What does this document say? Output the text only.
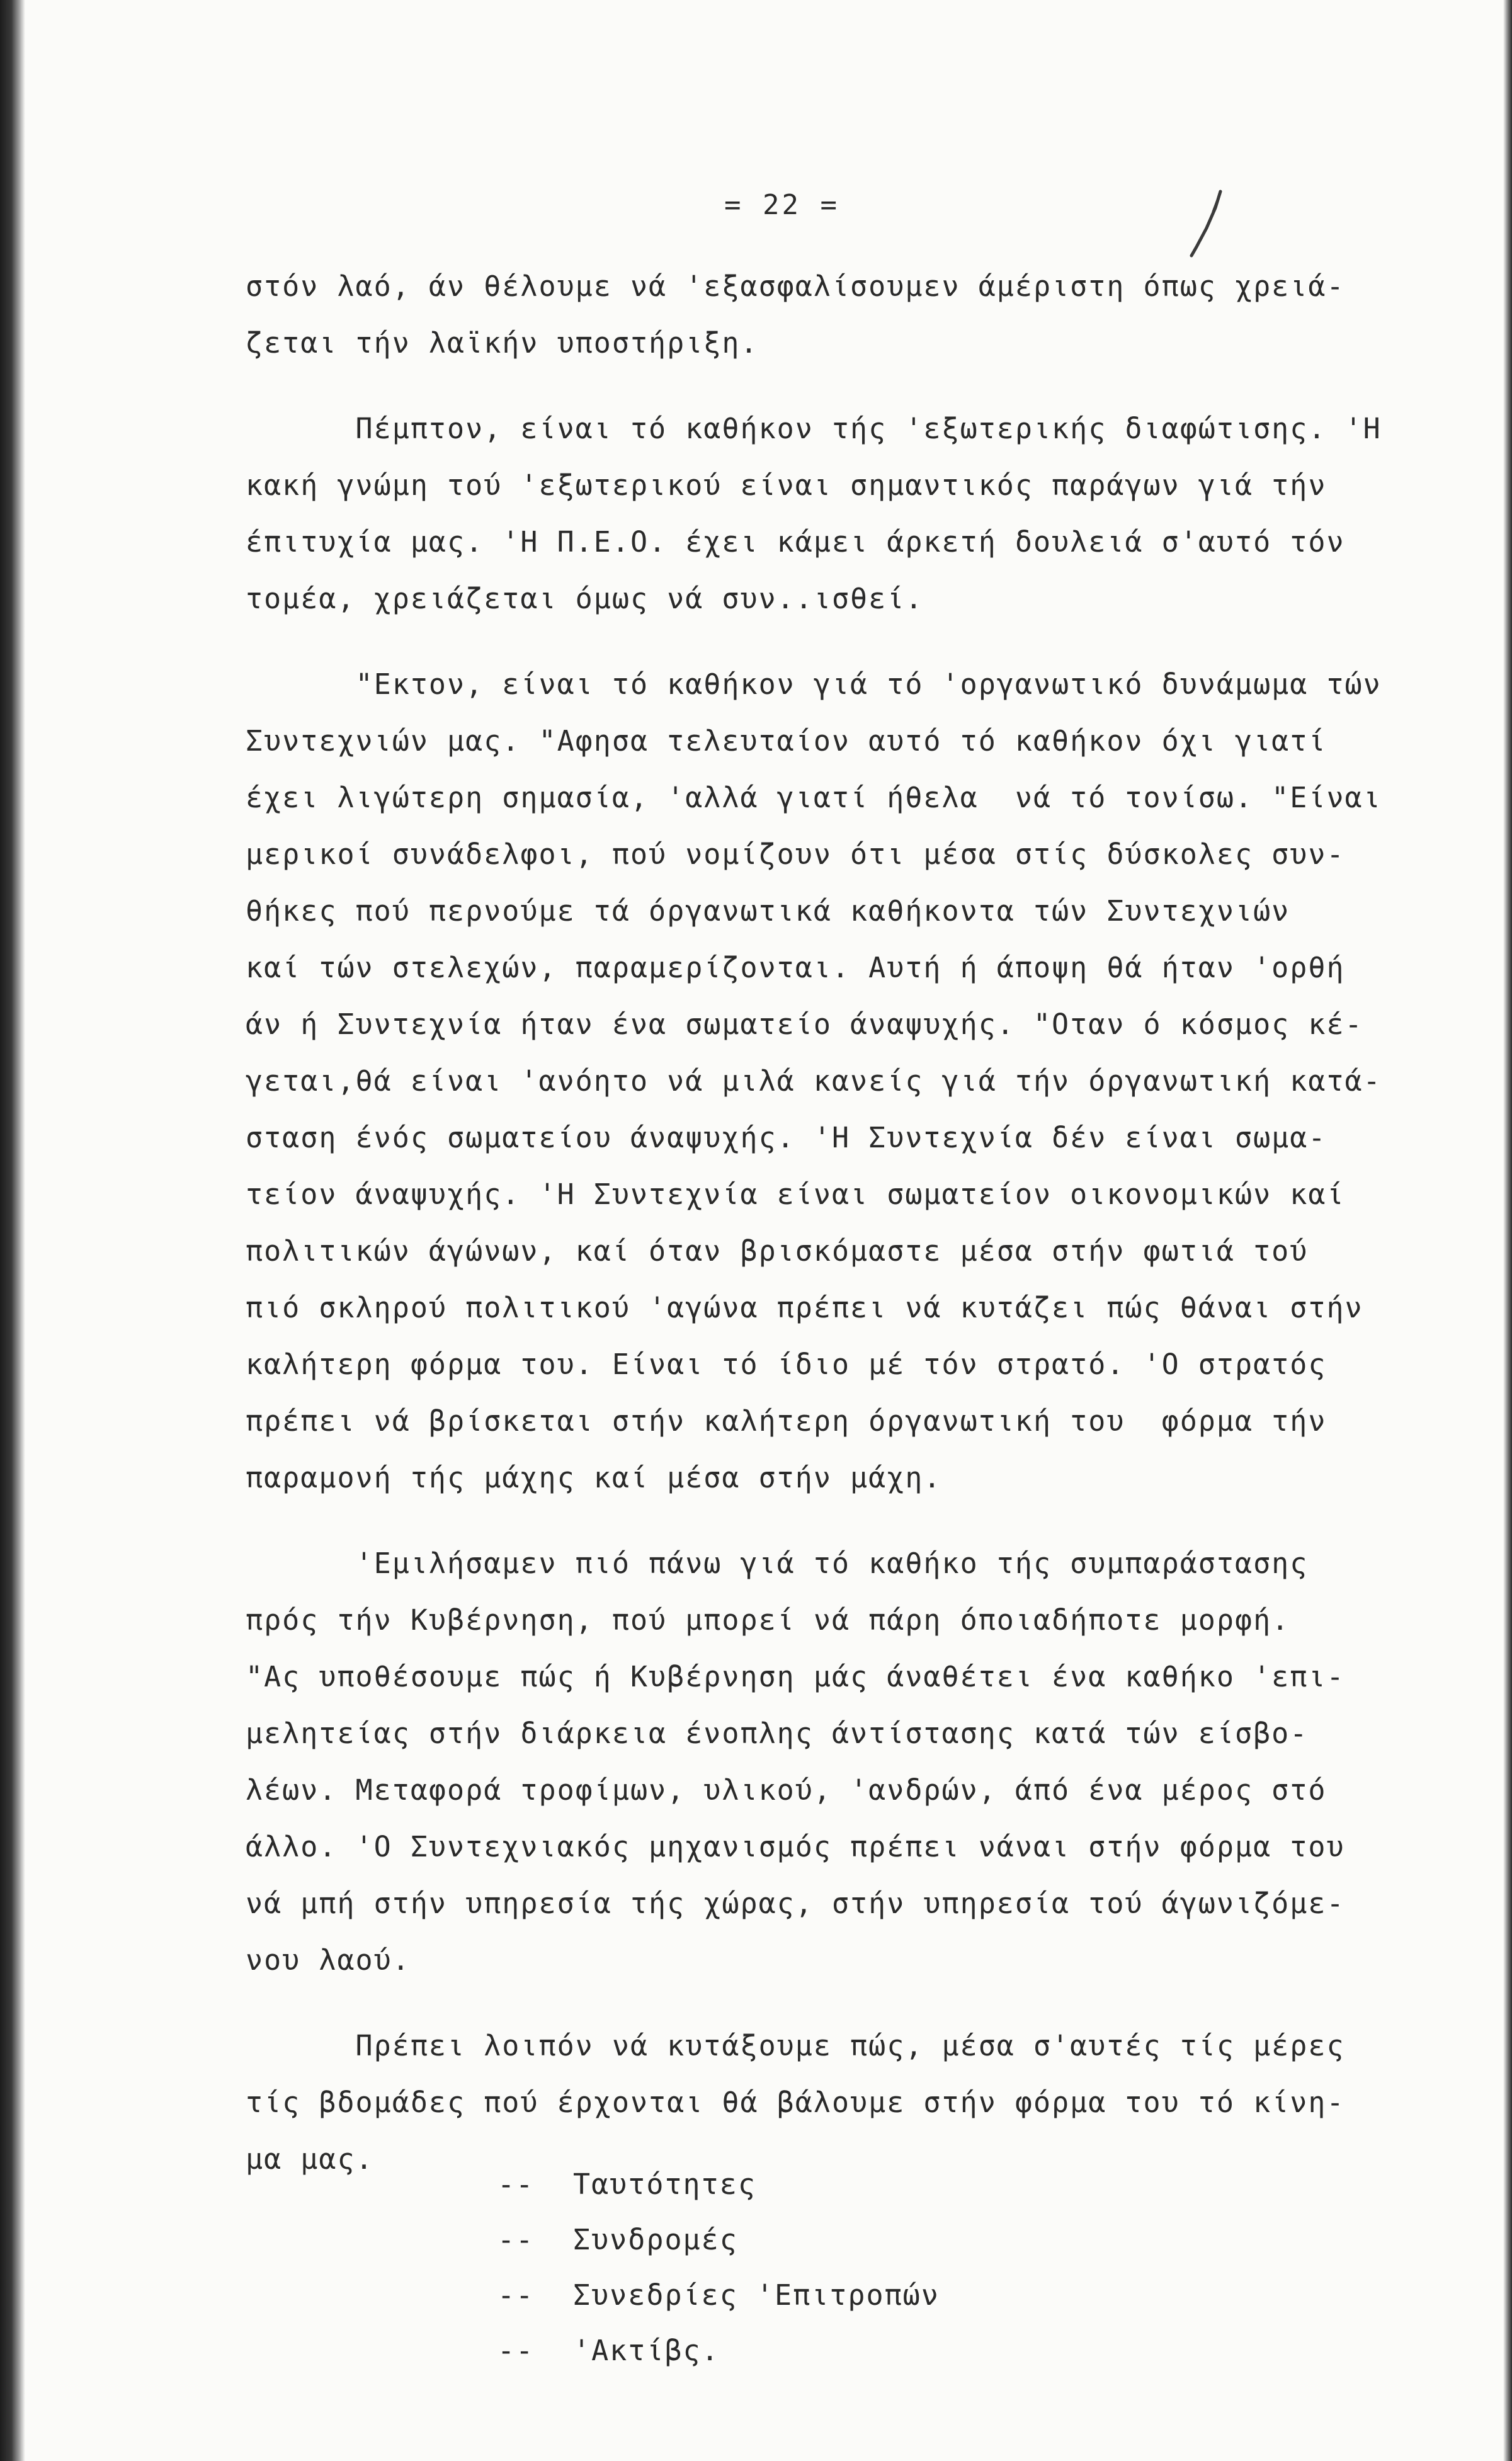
= 22 =
στόν λαό, άν θέλουμε νά 'εξασφαλίσουμεν άμέριστη όπως χρειά-
ζεται τήν λαϊκήν υποστήριξη.
Πέμπτον, είναι τό καθήκον τής 'εξωτερικής διαφώτισης. 'Η
κακή γνώμη τού 'εξωτερικού είναι σημαντικός παράγων γιά τήν
έπιτυχία μας. 'Η Π.Ε.Ο. έχει κάμει άρκετή δουλειά σ'αυτό τόν
τομέα, χρειάζεται όμως νά συν..ισθεί.
"Εκτον, είναι τό καθήκον γιά τό 'οργανωτικό δυνάμωμα τών
Συντεχνιών μας. "Αφησα τελευταίον αυτό τό καθήκον όχι γιατί
έχει λιγώτερη σημασία, 'αλλά γιατί ήθελα  νά τό τονίσω. "Είναι
μερικοί συνάδελφοι, πού νομίζουν ότι μέσα στίς δύσκολες συν-
θήκες πού περνούμε τά όργανωτικά καθήκοντα τών Συντεχνιών
καί τών στελεχών, παραμερίζονται. Αυτή ή άποψη θά ήταν 'ορθή
άν ή Συντεχνία ήταν ένα σωματείο άναψυχής. "Οταν ό κόσμος κέ-
γεται,θά είναι 'ανόητο νά μιλά κανείς γιά τήν όργανωτική κατά-
σταση ένός σωματείου άναψυχής. 'Η Συντεχνία δέν είναι σωμα-
τείον άναψυχής. 'Η Συντεχνία είναι σωματείον οικονομικών καί
πολιτικών άγώνων, καί όταν βρισκόμαστε μέσα στήν φωτιά τού
πιό σκληρού πολιτικού 'αγώνα πρέπει νά κυτάζει πώς θάναι στήν
καλήτερη φόρμα του. Είναι τό ίδιο μέ τόν στρατό. 'Ο στρατός
πρέπει νά βρίσκεται στήν καλήτερη όργανωτική του  φόρμα τήν
παραμονή τής μάχης καί μέσα στήν μάχη.
'Εμιλήσαμεν πιό πάνω γιά τό καθήκο τής συμπαράστασης
πρός τήν Κυβέρνηση, πού μπορεί νά πάρη όποιαδήποτε μορφή.
"Ας υποθέσουμε πώς ή Κυβέρνηση μάς άναθέτει ένα καθήκο 'επι-
μελητείας στήν διάρκεια ένοπλης άντίστασης κατά τών είσβο-
λέων. Μεταφορά τροφίμων, υλικού, 'ανδρών, άπό ένα μέρος στό
άλλο. 'Ο Συντεχνιακός μηχανισμός πρέπει νάναι στήν φόρμα του
νά μπή στήν υπηρεσία τής χώρας, στήν υπηρεσία τού άγωνιζόμε-
νου λαού.
Πρέπει λοιπόν νά κυτάξουμε πώς, μέσα σ'αυτές τίς μέρες
τίς βδομάδες πού έρχονται θά βάλουμε στήν φόρμα του τό κίνη-
μα μας.
-- Ταυτότητες
-- Συνδρομές
-- Συνεδρίες 'Επιτροπών
-- 'Ακτίβς.
